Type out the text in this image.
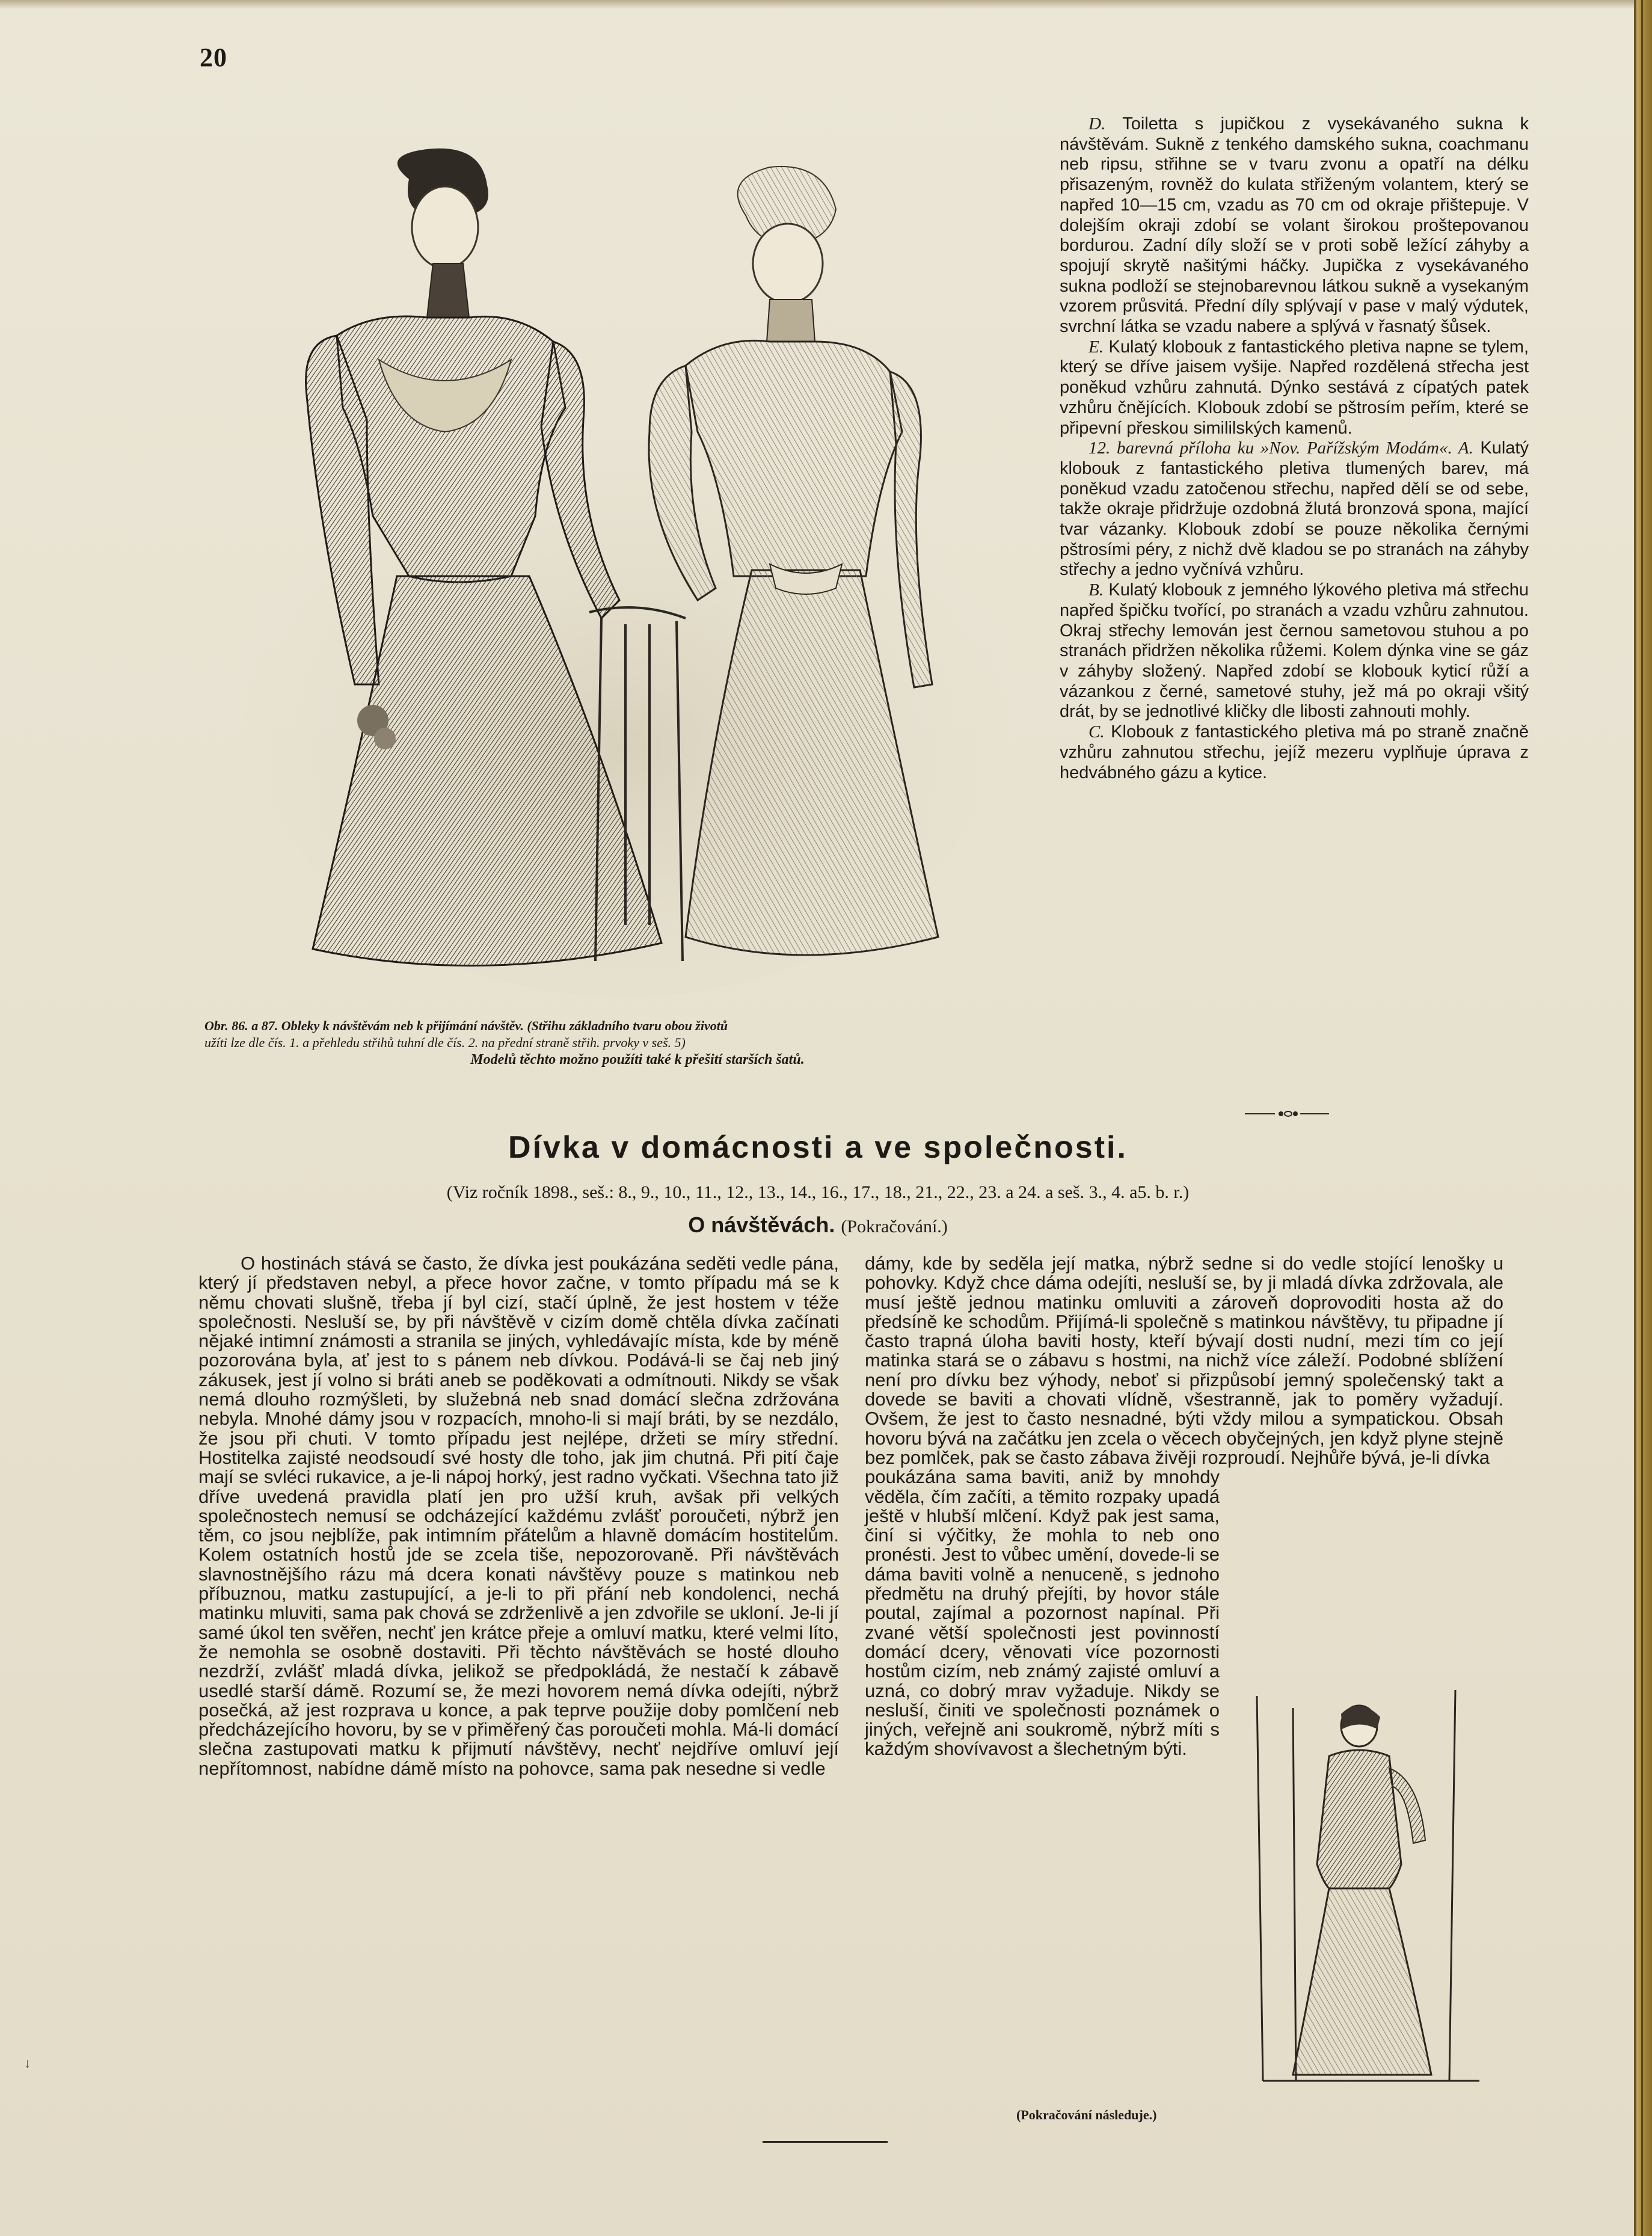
20
Obr. 86. a 87. Obleky k návštěvám neb k přijímání návštěv. (Střihu základního tvaru obou životů
užíti lze dle čís. 1. a přehledu střihů tuhní dle čís. 2. na přední straně střih. prvoky v seš. 5)
Modelů těchto možno použíti také k přešití starších šatů.

D. Toiletta s jupičkou z vysekávaného sukna k návštěvám. Sukně z tenkého damského sukna, coachmanu neb ripsu, střihne se v tvaru zvonu a opatří na délku přisazeným, rovněž do kulata střiženým volantem, který se napřed 10—15 cm, vzadu as 70 cm od okraje přištepuje. V dolejším okraji zdobí se volant širokou proštepovanou bordurou. Zadní díly složí se v proti sobě ležící záhyby a spojují skrytě našitými háčky. Jupička z vysekávaného sukna podloží se stejnobarevnou látkou sukně a vysekaným vzorem průsvitá. Přední díly splývají v pase v malý výdutek, svrchní látka se vzadu nabere a splývá v řasnatý šůsek.

E. Kulatý klobouk z fantastického pletiva napne se tylem, který se dříve jaisem vyšije. Napřed rozdělená střecha jest poněkud vzhůru zahnutá. Dýnko sestává z cípatých patek vzhůru čnějících. Klobouk zdobí se pštrosím peřím, které se připevní přeskou simililských kamenů.

12. barevná příloha ku »Nov. Pařížským Modám«. A. Kulatý klobouk z fantastického pletiva tlumených barev, má poněkud vzadu zatočenou střechu, napřed dělí se od sebe, takže okraje přidržuje ozdobná žlutá bronzová spona, mající tvar vázanky. Klobouk zdobí se pouze několika černými pštrosími péry, z nichž dvě kladou se po stranách na záhyby střechy a jedno vyčnívá vzhůru.

B. Kulatý klobouk z jemného lýkového pletiva má střechu napřed špičku tvořící, po stranách a vzadu vzhůru zahnutou. Okraj střechy lemován jest černou sametovou stuhou a po stranách přidržen několika růžemi. Kolem dýnka vine se gáz v záhyby složený. Napřed zdobí se klobouk kyticí růží a vázankou z černé, sametové stuhy, jež má po okraji všitý drát, by se jednotlivé kličky dle libosti zahnouti mohly.

C. Klobouk z fantastického pletiva má po straně značně vzhůru zahnutou střechu, jejíž mezeru vyplňuje úprava z hedvábného gázu a kytice.

Dívka v domácnosti a ve společnosti.
(Viz ročník 1898., seš.: 8., 9., 10., 11., 12., 13., 14., 16., 17., 18., 21., 22., 23. a 24. a seš. 3., 4. a5. b. r.)
O návštěvách. (Pokračování.)

O hostinách stává se často, že dívka jest poukázána seděti vedle pána, který jí představen nebyl, a přece hovor začne, v tomto případu má se k němu chovati slušně, třeba jí byl cizí, stačí úplně, že jest hostem v téže společnosti. Nesluší se, by při návštěvě v cizím domě chtěla dívka začínati nějaké intimní známosti a stranila se jiných, vyhledávajíc místa, kde by méně pozorována byla, ať jest to s pánem neb dívkou. Podává-li se čaj neb jiný zákusek, jest jí volno si bráti aneb se poděkovati a odmítnouti. Nikdy se však nemá dlouho rozmýšleti, by služebná neb snad domácí slečna zdržována nebyla. Mnohé dámy jsou v rozpacích, mnoho-li si mají bráti, by se nezdálo, že jsou při chuti. V tomto případu jest nejlépe, držeti se míry střední. Hostitelka zajisté neodsoudí své hosty dle toho, jak jim chutná. Při pití čaje mají se svléci rukavice, a je-li nápoj horký, jest radno vyčkati. Všechna tato již dříve uvedená pravidla platí jen pro užší kruh, avšak při velkých společnostech nemusí se odcházející každému zvlášť poroučeti, nýbrž jen těm, co jsou nejblíže, pak intimním přátelům a hlavně domácím hostitelům. Kolem ostatních hostů jde se zcela tiše, nepozorovaně. Při návštěvách slavnostnějšího rázu má dcera konati návštěvy pouze s matinkou neb příbuznou, matku zastupující, a je-li to při přání neb kondolenci, nechá matinku mluviti, sama pak chová se zdrženlivě a jen zdvořile se ukloní. Je-li jí samé úkol ten svěřen, nechť jen krátce přeje a omluví matku, které velmi líto, že nemohla se osobně dostaviti. Při těchto návštěvách se hosté dlouho nezdrží, zvlášť mladá dívka, jelikož se předpokládá, že nestačí k zábavě usedlé starší dámě. Rozumí se, že mezi hovorem nemá dívka odejíti, nýbrž posečká, až jest rozprava u konce, a pak teprve použije doby pomlčení neb předcházejícího hovoru, by se v přiměřený čas poroučeti mohla. Má-li domácí slečna zastupovati matku k přijmutí návštěvy, nechť nejdříve omluví její nepřítomnost, nabídne dámě místo na pohovce, sama pak nesedne si vedle

dámy, kde by seděla její matka, nýbrž sedne si do vedle stojící lenošky u pohovky. Když chce dáma odejíti, nesluší se, by ji mladá dívka zdržovala, ale musí ještě jednou matinku omluviti a zároveň doprovoditi hosta až do předsíně ke schodům. Přijímá-li společně s matinkou návštěvy, tu připadne jí často trapná úloha baviti hosty, kteří bývají dosti nudní, mezi tím co její matinka stará se o zábavu s hostmi, na nichž více záleží. Podobné sblížení není pro dívku bez výhody, neboť si přizpůsobí jemný společenský takt a dovede se baviti a chovati vlídně, všestranně, jak to poměry vyžadují. Ovšem, že jest to často nesnadné, býti vždy milou a sympatickou. Obsah hovoru bývá na začátku jen zcela o věcech obyčejných, jen když plyne stejně bez pomlček, pak se často zábava živěji rozproudí. Nejhůře bývá, je-li dívka

poukázána sama baviti, aniž by mnohdy věděla, čím začíti, a těmito rozpaky upadá ještě v hlubší mlčení. Když pak jest sama, činí si výčitky, že mohla to neb ono pronésti. Jest to vůbec umění, dovede-li se dáma baviti volně a nenuceně, s jednoho předmětu na druhý přejíti, by hovor stále poutal, zajímal a pozornost napínal. Při zvané větší společnosti jest povinností domácí dcery, věnovati více pozornosti hostům cizím, neb známý zajisté omluví a uzná, co dobrý mrav vyžaduje. Nikdy se nesluší, činiti ve společnosti poznámek o jiných, veřejně ani soukromě, nýbrž míti s každým shovívavost a šlechetným býti.

(Pokračování následuje.)
↓
